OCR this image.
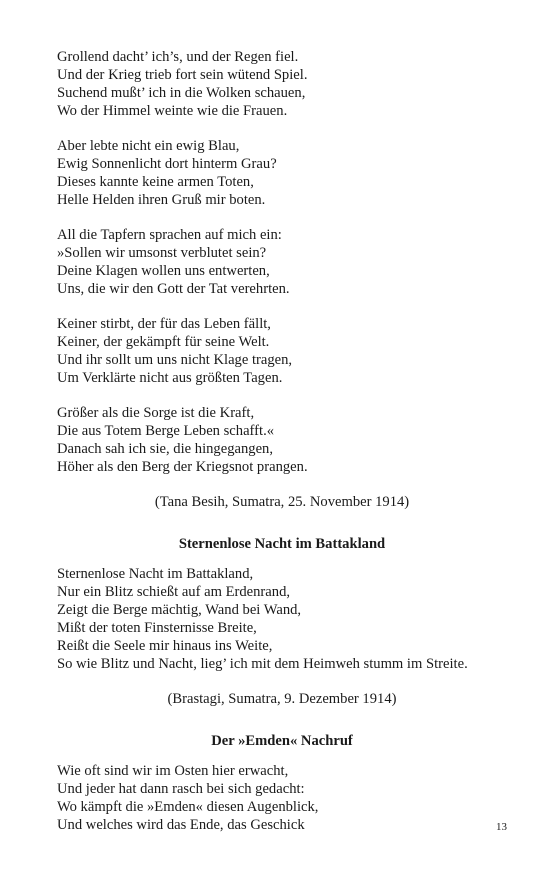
Grollend dacht’ ich’s, und der Regen fiel.
Und der Krieg trieb fort sein wütend Spiel.
Suchend mußt’ ich in die Wolken schauen,
Wo der Himmel weinte wie die Frauen.
Aber lebte nicht ein ewig Blau,
Ewig Sonnenlicht dort hinterm Grau?
Dieses kannte keine armen Toten,
Helle Helden ihren Gruß mir boten.
All die Tapfern sprachen auf mich ein:
»Sollen wir umsonst verblutet sein?
Deine Klagen wollen uns entwerten,
Uns, die wir den Gott der Tat verehrten.
Keiner stirbt, der für das Leben fällt,
Keiner, der gekämpft für seine Welt.
Und ihr sollt um uns nicht Klage tragen,
Um Verklärte nicht aus größten Tagen.
Größer als die Sorge ist die Kraft,
Die aus Totem Berge Leben schafft.«
Danach sah ich sie, die hingegangen,
Höher als den Berg der Kriegsnot prangen.
(Tana Besih, Sumatra, 25. November 1914)
Sternenlose Nacht im Battakland
Sternenlose Nacht im Battakland,
Nur ein Blitz schießt auf am Erdenrand,
Zeigt die Berge mächtig, Wand bei Wand,
Mißt der toten Finsternisse Breite,
Reißt die Seele mir hinaus ins Weite,
So wie Blitz und Nacht, lieg’ ich mit dem Heimweh stumm im Streite.
(Brastagi, Sumatra, 9. Dezember 1914)
Der »Emden« Nachruf
Wie oft sind wir im Osten hier erwacht,
Und jeder hat dann rasch bei sich gedacht:
Wo kämpft die »Emden« diesen Augenblick,
Und welches wird das Ende, das Geschick	13
